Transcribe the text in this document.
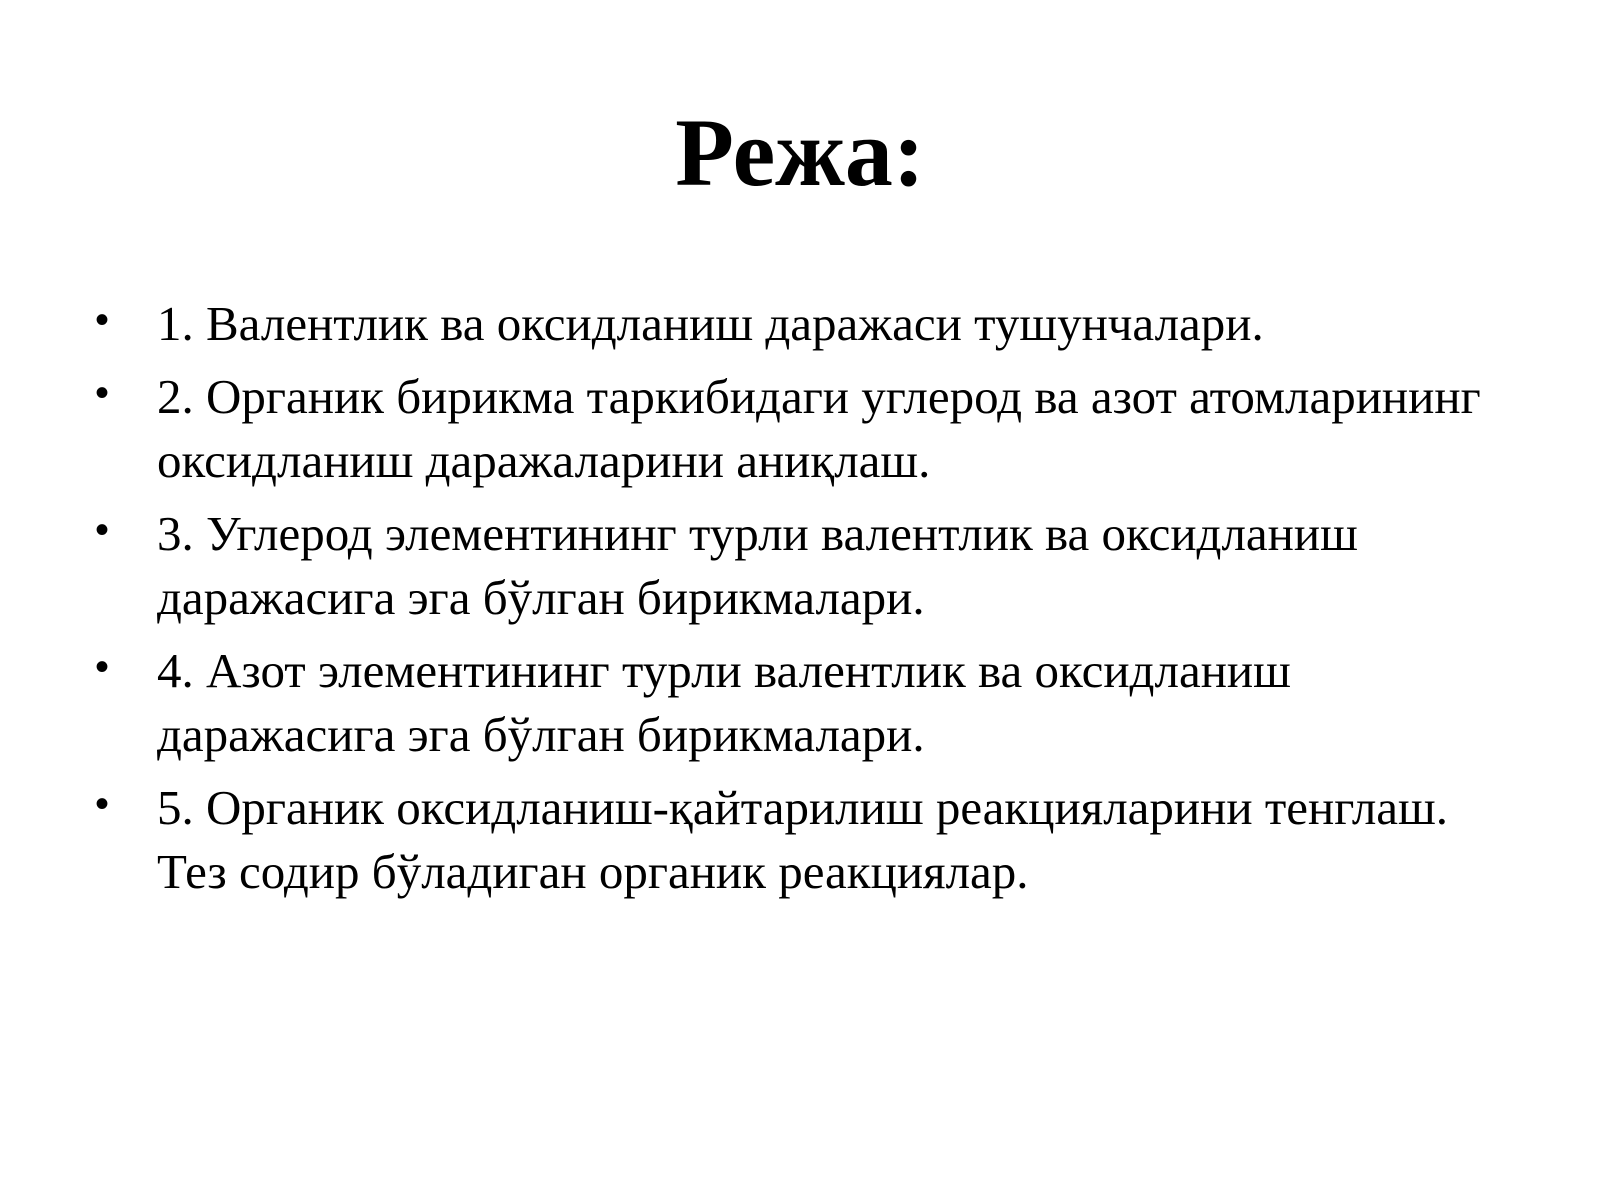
Режа:
• 1. Валентлик ва оксидланиш даражаси тушунчалари.
• 2. Органик бирикма таркибидаги углерод ва азот атомларининг оксидланиш даражаларини аниқлаш.
• 3. Углерод элементининг турли валентлик ва оксидланиш даражасига эга бўлган бирикмалари.
• 4. Азот элементининг турли валентлик ва оксидланиш даражасига эга бўлган бирикмалари.
• 5. Органик оксидланиш-қайтарилиш реакцияларини тенглаш. Тез содир бўладиган органик реакциялар.
